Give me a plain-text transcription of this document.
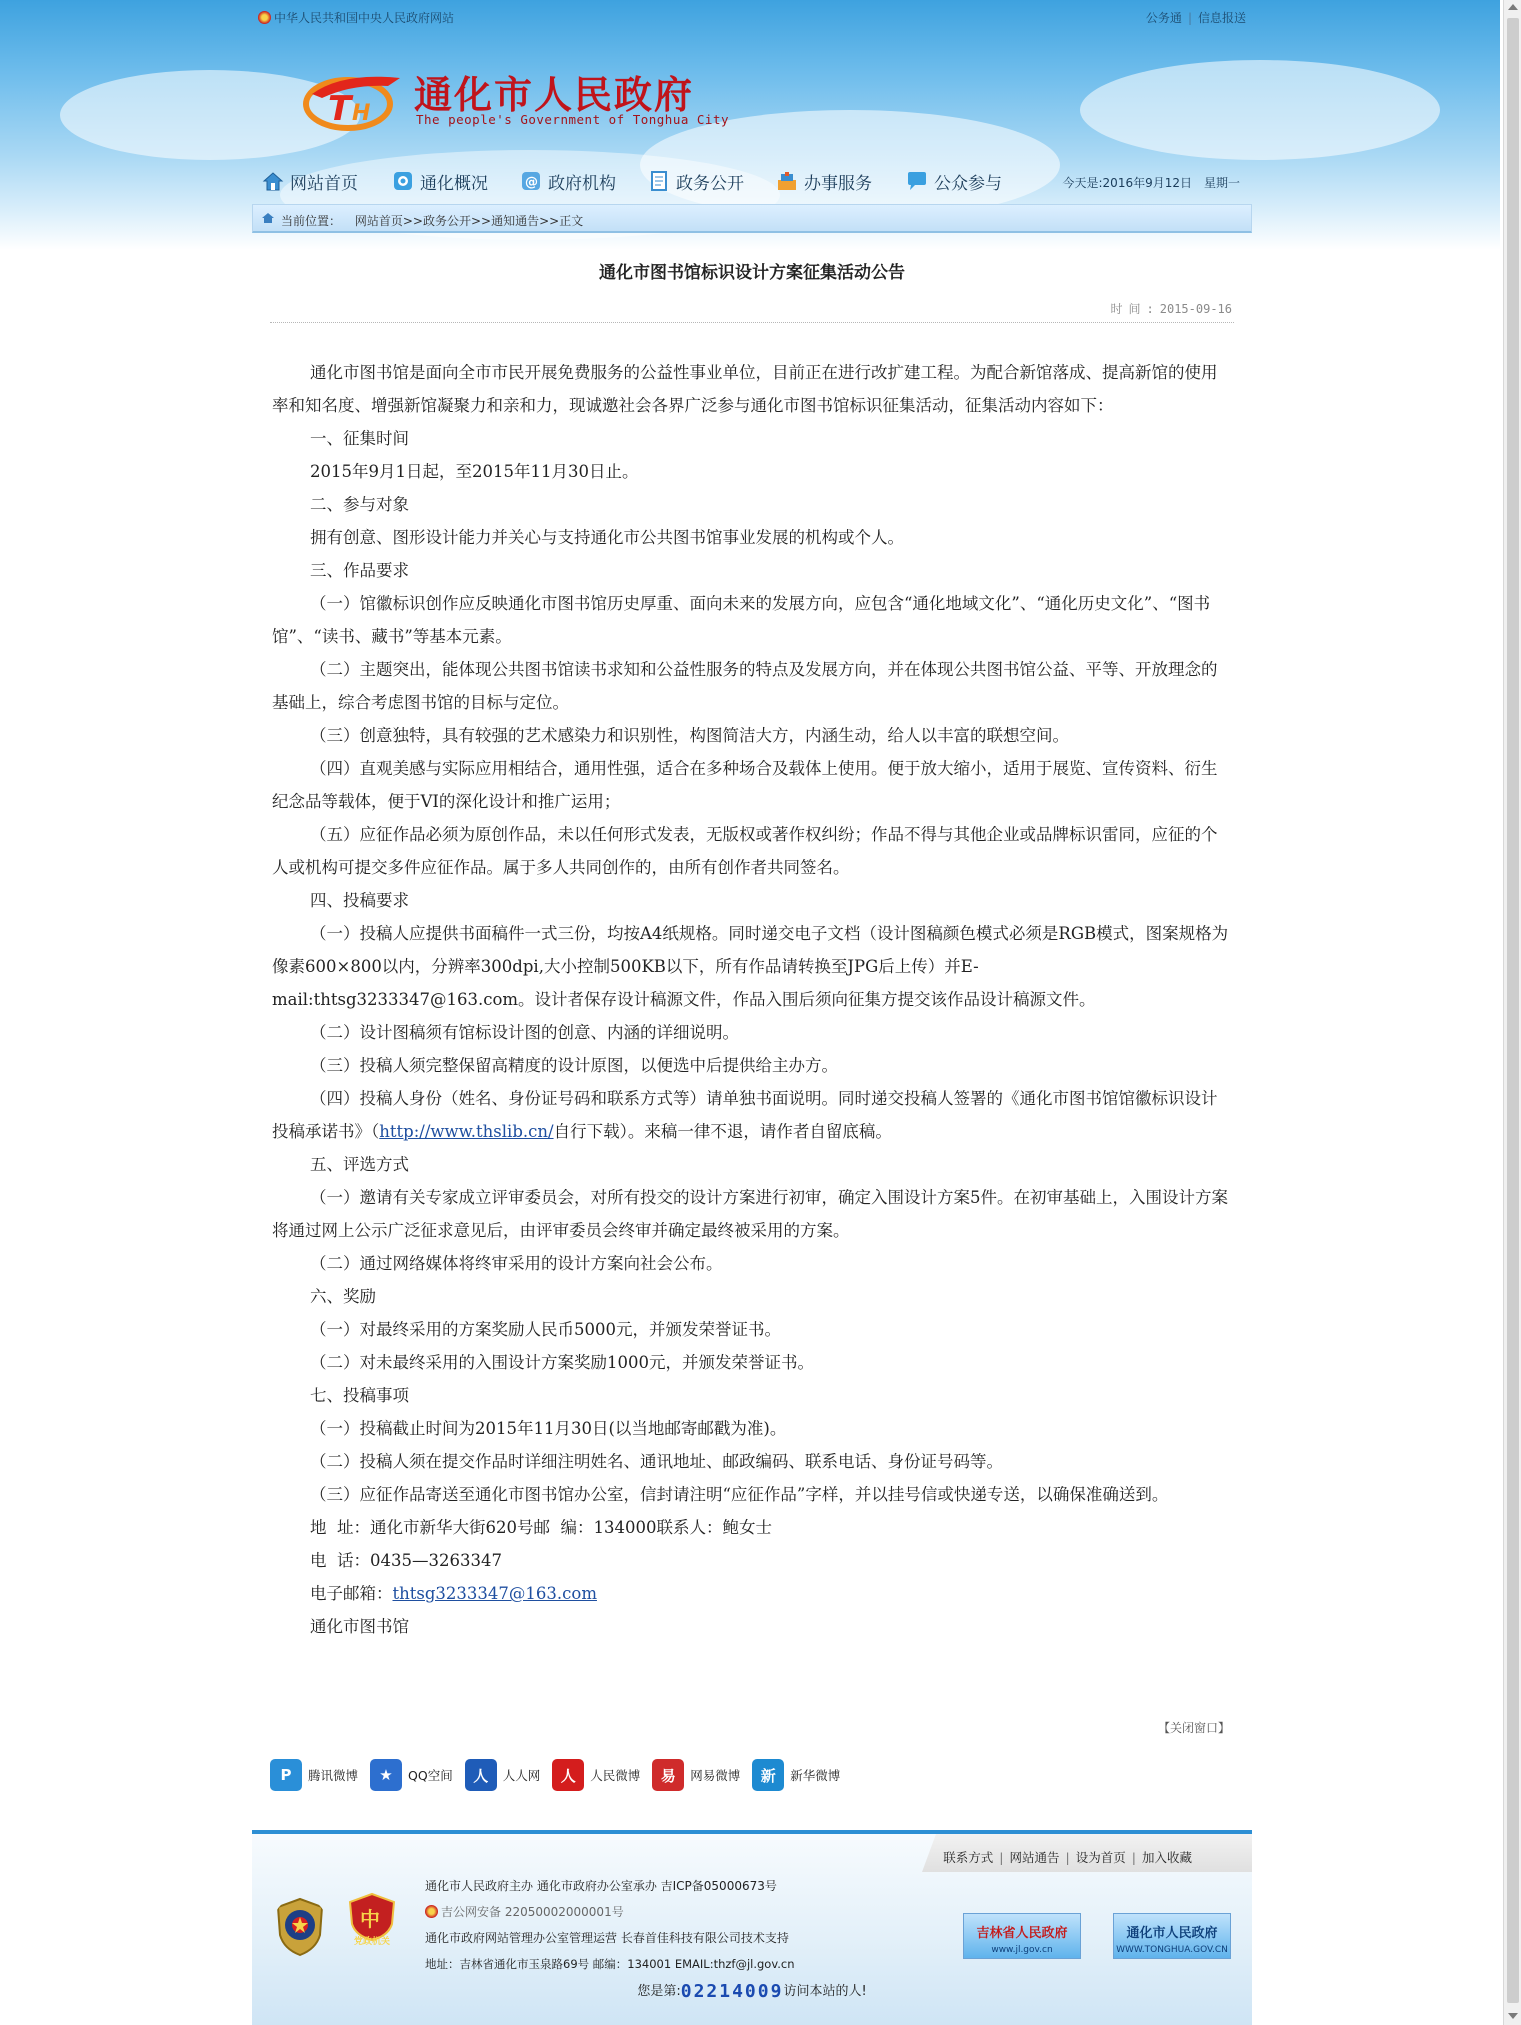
中华人民共和国中央人民政府网站	公务通 | 信息报送
T H 通化市人民政府
The people's Government of Tonghua City
网站首页	通化概况	@ 政府机构	政务公开	办事服务	公众参与	今天是:2016年9月12日　星期一
当前位置： 网站首页>>政务公开>>通知通告>>正文
通化市图书馆标识设计方案征集活动公告
时间:2015-09-16

通化市图书馆是面向全市市民开展免费服务的公益性事业单位，目前正在进行改扩建工程。为配合新馆落成、提高新馆的使用率和知名度、增强新馆凝聚力和亲和力，现诚邀社会各界广泛参与通化市图书馆标识征集活动，征集活动内容如下：

一、征集时间

2015年9月1日起，至2015年11月30日止。

二、参与对象

拥有创意、图形设计能力并关心与支持通化市公共图书馆事业发展的机构或个人。

三、作品要求

（一）馆徽标识创作应反映通化市图书馆历史厚重、面向未来的发展方向，应包含“通化地域文化”、“通化历史文化”、“图书馆”、“读书、藏书”等基本元素。

（二）主题突出，能体现公共图书馆读书求知和公益性服务的特点及发展方向，并在体现公共图书馆公益、平等、开放理念的基础上，综合考虑图书馆的目标与定位。

（三）创意独特，具有较强的艺术感染力和识别性，构图简洁大方，内涵生动，给人以丰富的联想空间。

（四）直观美感与实际应用相结合，通用性强，适合在多种场合及载体上使用。便于放大缩小，适用于展览、宣传资料、衍生纪念品等载体，便于VI的深化设计和推广运用；

（五）应征作品必须为原创作品，未以任何形式发表，无版权或著作权纠纷；作品不得与其他企业或品牌标识雷同，应征的个人或机构可提交多件应征作品。属于多人共同创作的，由所有创作者共同签名。

四、投稿要求

（一）投稿人应提供书面稿件一式三份，均按A4纸规格。同时递交电子文档（设计图稿颜色模式必须是RGB模式，图案规格为像素600×800以内，分辨率300dpi,大小控制500KB以下，所有作品请转换至JPG后上传）并E-mail:thtsg3233347@163.com。设计者保存设计稿源文件，作品入围后须向征集方提交该作品设计稿源文件。

（二）设计图稿须有馆标设计图的创意、内涵的详细说明。

（三）投稿人须完整保留高精度的设计原图，以便选中后提供给主办方。

（四）投稿人身份（姓名、身份证号码和联系方式等）请单独书面说明。同时递交投稿人签署的《通化市图书馆馆徽标识设计投稿承诺书》（http://www.thslib.cn/自行下载）。来稿一律不退，请作者自留底稿。

五、评选方式

（一）邀请有关专家成立评审委员会，对所有投交的设计方案进行初审，确定入围设计方案5件。在初审基础上，入围设计方案将通过网上公示广泛征求意见后，由评审委员会终审并确定最终被采用的方案。

（二）通过网络媒体将终审采用的设计方案向社会公布。

六、奖励

（一）对最终采用的方案奖励人民币5000元，并颁发荣誉证书。

（二）对未最终采用的入围设计方案奖励1000元，并颁发荣誉证书。

七、投稿事项

（一）投稿截止时间为2015年11月30日(以当地邮寄邮戳为准)。

（二）投稿人须在提交作品时详细注明姓名、通讯地址、邮政编码、联系电话、身份证号码等。

（三）应征作品寄送至通化市图书馆办公室，信封请注明“应征作品”字样，并以挂号信或快递专送，以确保准确送到。

地  址：通化市新华大街620号邮  编：134000联系人：鲍女士

电  话：0435—3263347

电子邮箱：thtsg3233347@163.com

通化市图书馆

【关闭窗口】
P	腾讯微博	★	QQ空间	人	人人网	人	人民微博	易	网易微博	新	新华微博
联系方式 | 网站通告 | 设为首页 | 加入收藏
中
党政机关
通化市人民政府主办 通化市政府办公室承办 吉ICP备05000673号
吉公网安备 22050002000001号
通化市政府网站管理办公室管理运营 长春首佳科技有限公司技术支持
地址：吉林省通化市玉泉路69号 邮编：134001 EMAIL:thzf@jl.gov.cn
吉林省人民政府
www.jl.gov.cn
通化市人民政府
WWW.TONGHUA.GOV.CN
您是第:02214009访问本站的人!
